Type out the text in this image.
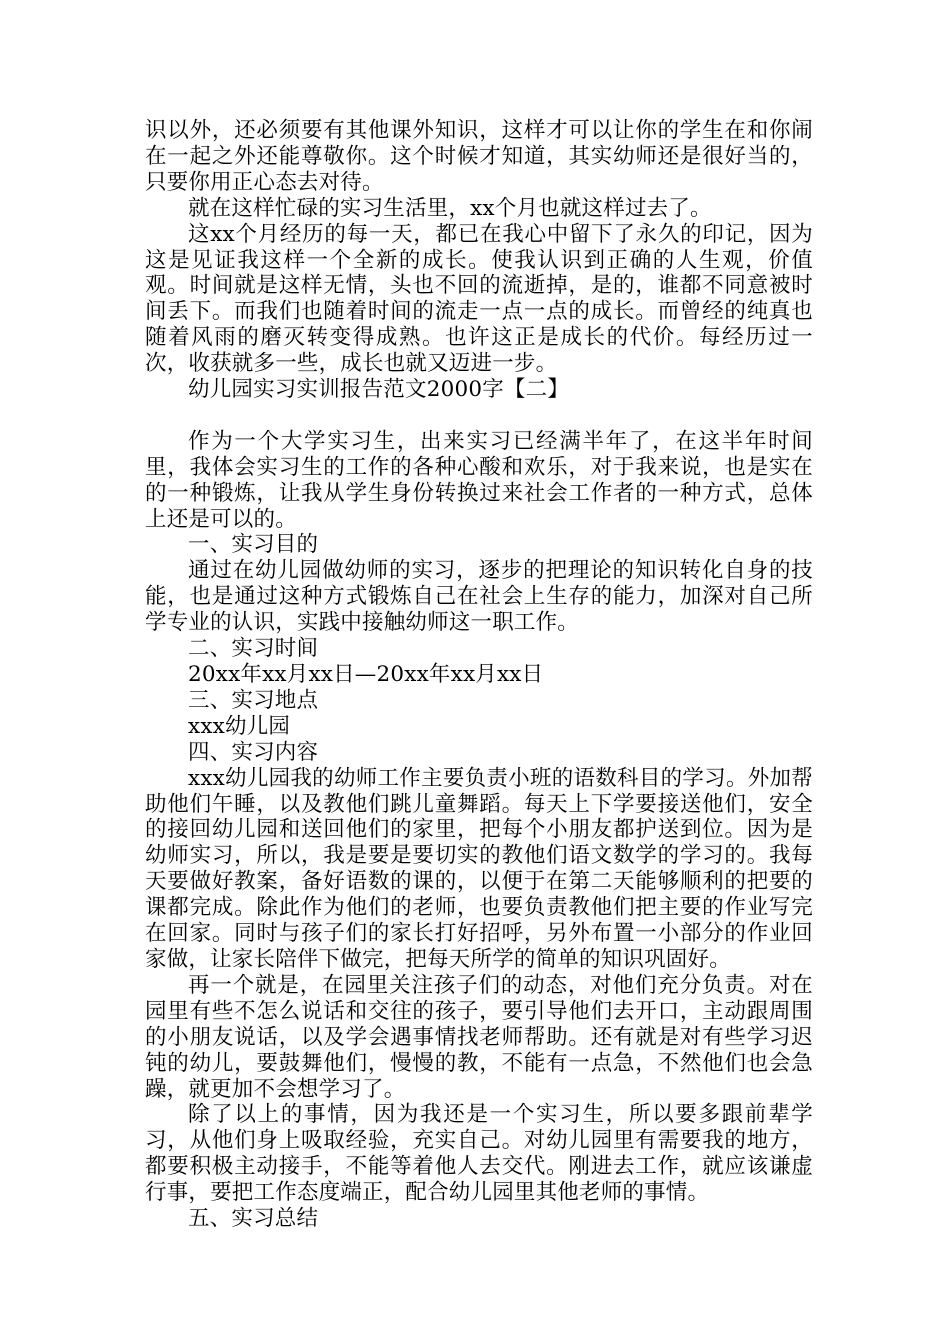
识以外，还必须要有其他课外知识，这样才可以让你的学生在和你闹在一起之外还能尊敬你。这个时候才知道，其实幼师还是很好当的，只要你用正心态去对待。

就在这样忙碌的实习生活里，xx个月也就这样过去了。

这xx个月经历的每一天，都已在我心中留下了永久的印记，因为这是见证我这样一个全新的成长。使我认识到正确的人生观，价值观。时间就是这样无情，头也不回的流逝掉，是的，谁都不同意被时间丢下。而我们也随着时间的流走一点一点的成长。而曾经的纯真也随着风雨的磨灭转变得成熟。也许这正是成长的代价。每经历过一次，收获就多一些，成长也就又迈进一步。

幼儿园实习实训报告范文2000字【二】

作为一个大学实习生，出来实习已经满半年了，在这半年时间里，我体会实习生的工作的各种心酸和欢乐，对于我来说，也是实在的一种锻炼，让我从学生身份转换过来社会工作者的一种方式，总体上还是可以的。

一、实习目的

通过在幼儿园做幼师的实习，逐步的把理论的知识转化自身的技能，也是通过这种方式锻炼自己在社会上生存的能力，加深对自己所学专业的认识，实践中接触幼师这一职工作。

二、实习时间

20xx年xx月xx日—20xx年xx月xx日

三、实习地点

xxx幼儿园

四、实习内容

xxx幼儿园我的幼师工作主要负责小班的语数科目的学习。外加帮助他们午睡，以及教他们跳儿童舞蹈。每天上下学要接送他们，安全的接回幼儿园和送回他们的家里，把每个小朋友都护送到位。因为是幼师实习，所以，我是要是要切实的教他们语文数学的学习的。我每天要做好教案，备好语数的课的，以便于在第二天能够顺利的把要的课都完成。除此作为他们的老师，也要负责教他们把主要的作业写完在回家。同时与孩子们的家长打好招呼，另外布置一小部分的作业回家做，让家长陪伴下做完，把每天所学的简单的知识巩固好。

再一个就是，在园里关注孩子们的动态，对他们充分负责。对在园里有些不怎么说话和交往的孩子，要引导他们去开口，主动跟周围的小朋友说话，以及学会遇事情找老师帮助。还有就是对有些学习迟钝的幼儿，要鼓舞他们，慢慢的教，不能有一点急，不然他们也会急躁，就更加不会想学习了。

除了以上的事情，因为我还是一个实习生，所以要多跟前辈学习，从他们身上吸取经验，充实自己。对幼儿园里有需要我的地方，都要积极主动接手，不能等着他人去交代。刚进去工作，就应该谦虚行事，要把工作态度端正，配合幼儿园里其他老师的事情。

五、实习总结
